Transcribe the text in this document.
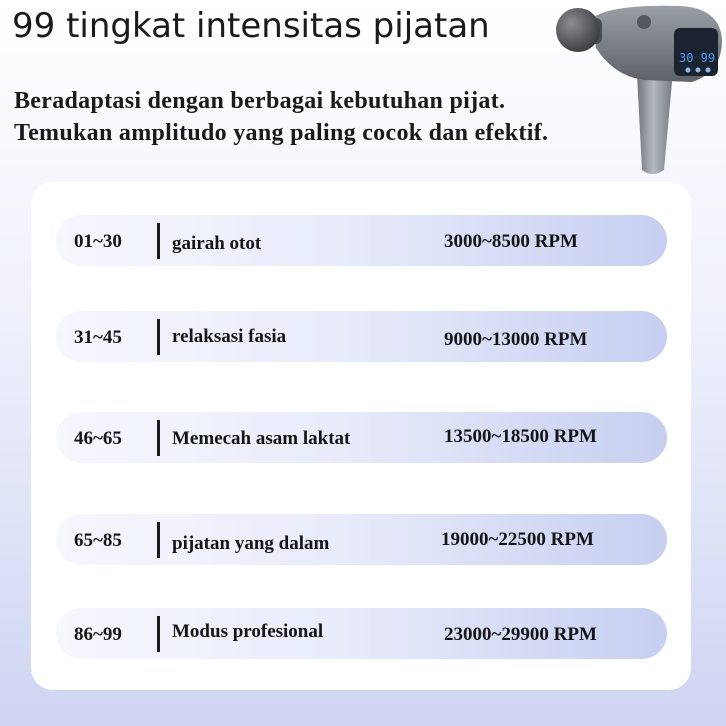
99 tingkat intensitas pijatan
Beradaptasi dengan berbagai kebutuhan pijat.
Temukan amplitudo yang paling cocok dan efektif.
30 99
01~30	gairah otot	3000~8500 RPM
31~45	relaksasi fasia	9000~13000 RPM
46~65	Memecah asam laktat	13500~18500 RPM
65~85	pijatan yang dalam	19000~22500 RPM
86~99	Modus profesional	23000~29900 RPM
